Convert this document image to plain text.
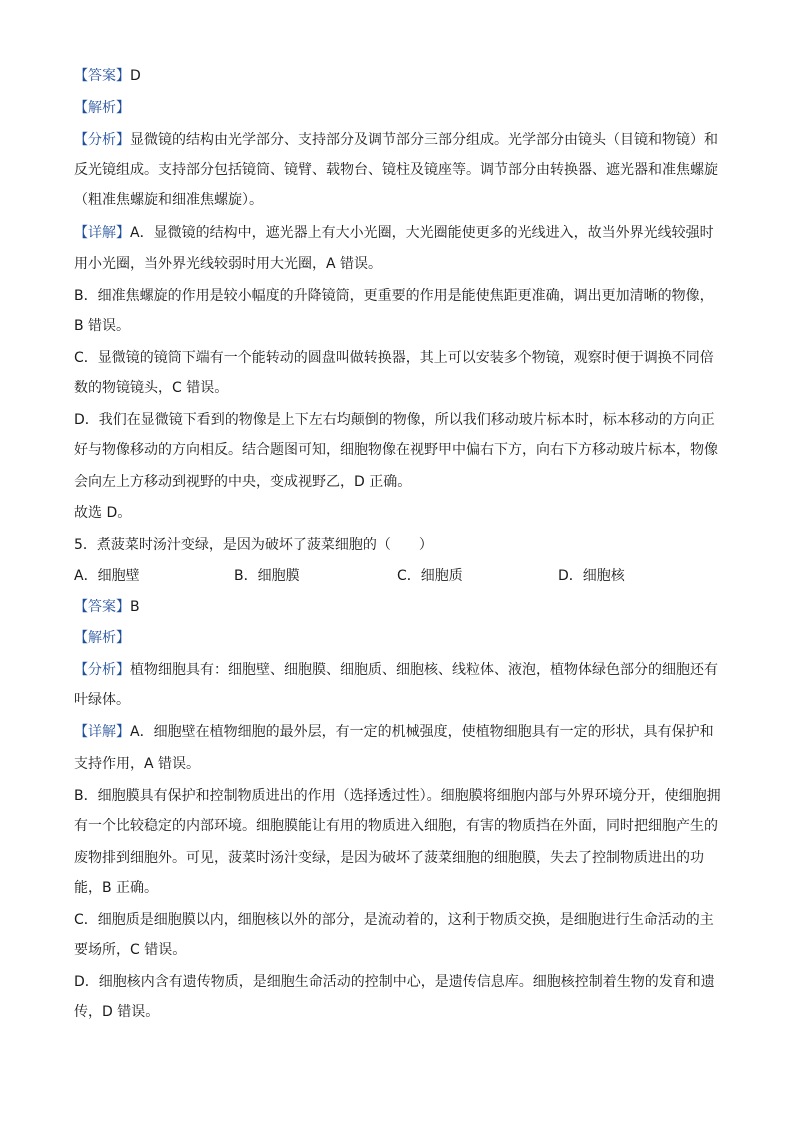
【答案】D
【解析】
【分析】显微镜的结构由光学部分、支持部分及调节部分三部分组成。光学部分由镜头（目镜和物镜）和
反光镜组成。支持部分包括镜筒、镜臂、载物台、镜柱及镜座等。调节部分由转换器、遮光器和准焦螺旋
（粗准焦螺旋和细准焦螺旋）。
【详解】A．显微镜的结构中，遮光器上有大小光圈，大光圈能使更多的光线进入，故当外界光线较强时
用小光圈，当外界光线较弱时用大光圈，A 错误。
B．细准焦螺旋的作用是较小幅度的升降镜筒，更重要的作用是能使焦距更准确，调出更加清晰的物像，
B 错误。
C．显微镜的镜筒下端有一个能转动的圆盘叫做转换器，其上可以安装多个物镜，观察时便于调换不同倍
数的物镜镜头，C 错误。
D．我们在显微镜下看到的物像是上下左右均颠倒的物像，所以我们移动玻片标本时，标本移动的方向正
好与物像移动的方向相反。结合题图可知，细胞物像在视野甲中偏右下方，向右下方移动玻片标本，物像
会向左上方移动到视野的中央，变成视野乙，D 正确。
故选 D。
5．煮菠菜时汤汁变绿，是因为破坏了菠菜细胞的（　　）
A．细胞壁	B．细胞膜	C．细胞质	D．细胞核
【答案】B
【解析】
【分析】植物细胞具有：细胞壁、细胞膜、细胞质、细胞核、线粒体、液泡，植物体绿色部分的细胞还有
叶绿体。
【详解】A．细胞壁在植物细胞的最外层，有一定的机械强度，使植物细胞具有一定的形状，具有保护和
支持作用，A 错误。
B．细胞膜具有保护和控制物质进出的作用（选择透过性）。细胞膜将细胞内部与外界环境分开，使细胞拥
有一个比较稳定的内部环境。细胞膜能让有用的物质进入细胞，有害的物质挡在外面，同时把细胞产生的
废物排到细胞外。可见，菠菜时汤汁变绿，是因为破坏了菠菜细胞的细胞膜，失去了控制物质进出的功
能，B 正确。
C．细胞质是细胞膜以内，细胞核以外的部分，是流动着的，这利于物质交换，是细胞进行生命活动的主
要场所，C 错误。
D．细胞核内含有遗传物质，是细胞生命活动的控制中心，是遗传信息库。细胞核控制着生物的发育和遗
传，D 错误。
